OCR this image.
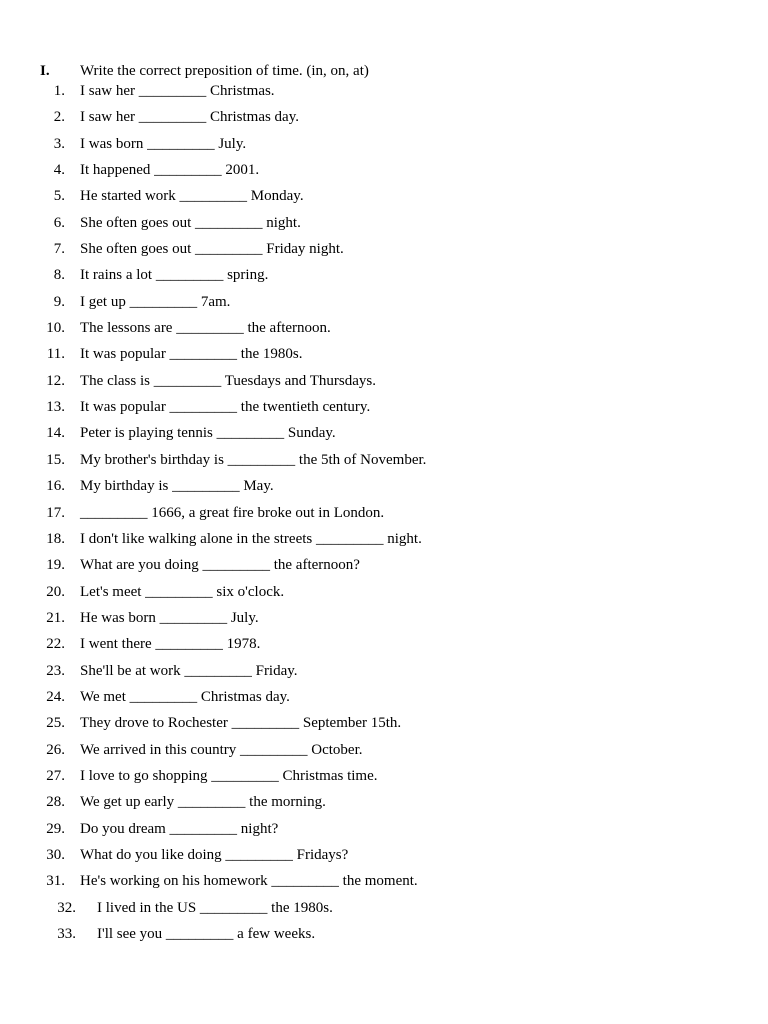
I. Write the correct preposition of time. (in, on, at)
1. I saw her _________ Christmas.
2. I saw her _________ Christmas day.
3. I was born _________ July.
4. It happened _________ 2001.
5. He started work _________ Monday.
6. She often goes out _________ night.
7. She often goes out _________ Friday night.
8. It rains a lot _________ spring.
9. I get up _________ 7am.
10. The lessons are _________ the afternoon.
11. It was popular _________ the 1980s.
12. The class is _________ Tuesdays and Thursdays.
13. It was popular _________ the twentieth century.
14. Peter is playing tennis _________ Sunday.
15. My brother's birthday is _________ the 5th of November.
16. My birthday is _________ May.
17. _________ 1666, a great fire broke out in London.
18. I don't like walking alone in the streets _________ night.
19. What are you doing _________ the afternoon?
20. Let's meet _________ six o'clock.
21. He was born _________ July.
22. I went there _________ 1978.
23. She'll be at work _________ Friday.
24. We met _________ Christmas day.
25. They drove to Rochester _________ September 15th.
26. We arrived in this country _________ October.
27. I love to go shopping _________ Christmas time.
28. We get up early _________ the morning.
29. Do you dream _________ night?
30. What do you like doing _________ Fridays?
31. He's working on his homework _________ the moment.
32. I lived in the US _________ the 1980s.
33. I'll see you _________ a few weeks.
